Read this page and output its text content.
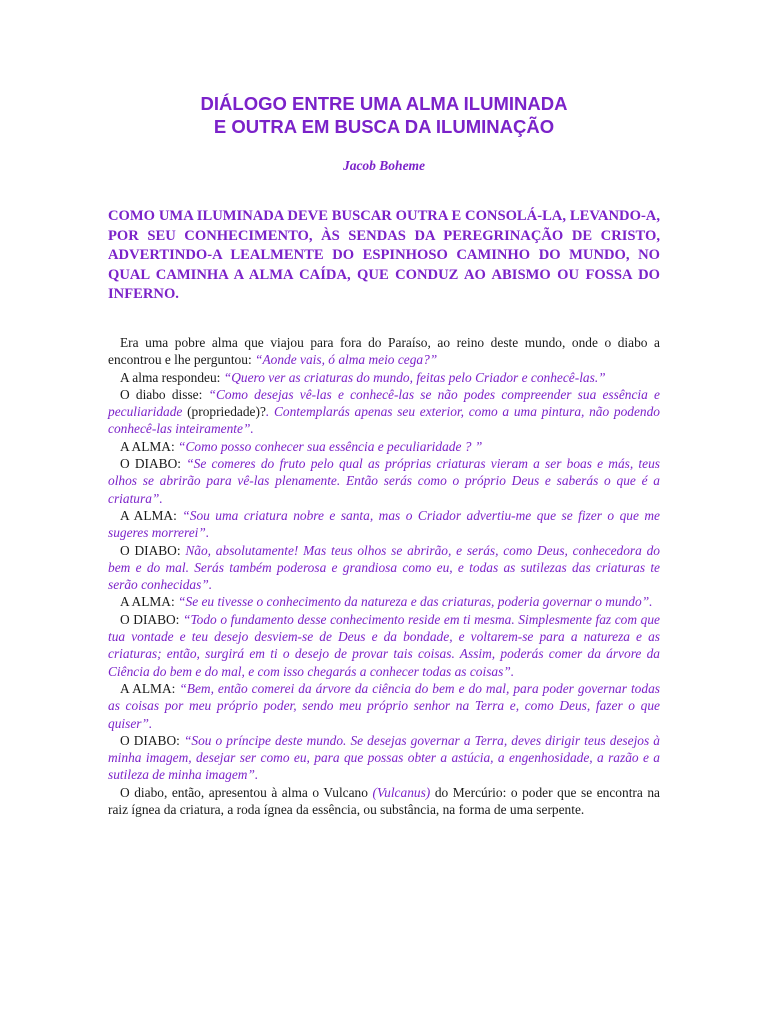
DIÁLOGO ENTRE UMA ALMA ILUMINADA
E OUTRA EM BUSCA DA ILUMINAÇÃO
Jacob Boheme
COMO UMA ILUMINADA DEVE BUSCAR OUTRA E CONSOLÁ-LA, LEVANDO-A, POR SEU CONHECIMENTO, ÀS SENDAS DA PEREGRINAÇÃO DE CRISTO, ADVERTINDO-A LEALMENTE DO ESPINHOSO CAMINHO DO MUNDO, NO QUAL CAMINHA A ALMA CAÍDA, QUE CONDUZ AO ABISMO OU FOSSA DO INFERNO.

Era uma pobre alma que viajou para fora do Paraíso, ao reino deste mundo, onde o diabo a encontrou e lhe perguntou: “Aonde vais, ó alma meio cega?”

A alma respondeu: “Quero ver as criaturas do mundo, feitas pelo Criador e conhecê-las.”

O diabo disse: “Como desejas vê-las e conhecê-las se não podes compreender sua essência e peculiaridade (propriedade)?. Contemplarás apenas seu exterior, como a uma pintura, não podendo conhecê-las inteiramente”.

A ALMA: “Como posso conhecer sua essência e peculiaridade ? ”

O DIABO: “Se comeres do fruto pelo qual as próprias criaturas vieram a ser boas e más, teus olhos se abrirão para vê-las plenamente. Então serás como o próprio Deus e saberás o que é a criatura”.

A ALMA: “Sou uma criatura nobre e santa, mas o Criador advertiu-me que se fizer o que me sugeres morrerei”.

O DIABO: Não, absolutamente! Mas teus olhos se abrirão, e serás, como Deus, conhecedora do bem e do mal. Serás também poderosa e grandiosa como eu, e todas as sutilezas das criaturas te serão conhecidas”.

A ALMA: “Se eu tivesse o conhecimento da natureza e das criaturas, poderia governar o mundo”.

O DIABO: “Todo o fundamento desse conhecimento reside em ti mesma. Simplesmente faz com que tua vontade e teu desejo desviem-se de Deus e da bondade, e voltarem-se para a natureza e as criaturas; então, surgirá em ti o desejo de provar tais coisas. Assim, poderás comer da árvore da Ciência do bem e do mal, e com isso chegarás a conhecer todas as coisas”.

A ALMA: “Bem, então comerei da árvore da ciência do bem e do mal, para poder governar todas as coisas por meu próprio poder, sendo meu próprio senhor na Terra e, como Deus, fazer o que quiser”.

O DIABO: “Sou o príncipe deste mundo. Se desejas governar a Terra, deves dirigir teus desejos à minha imagem, desejar ser como eu, para que possas obter a astúcia, a engenhosidade, a razão e a sutileza de minha imagem”.

O diabo, então, apresentou à alma o Vulcano (Vulcanus) do Mercúrio: o poder que se encontra na raiz ígnea da criatura, a roda ígnea da essência, ou substância, na forma de uma serpente.
